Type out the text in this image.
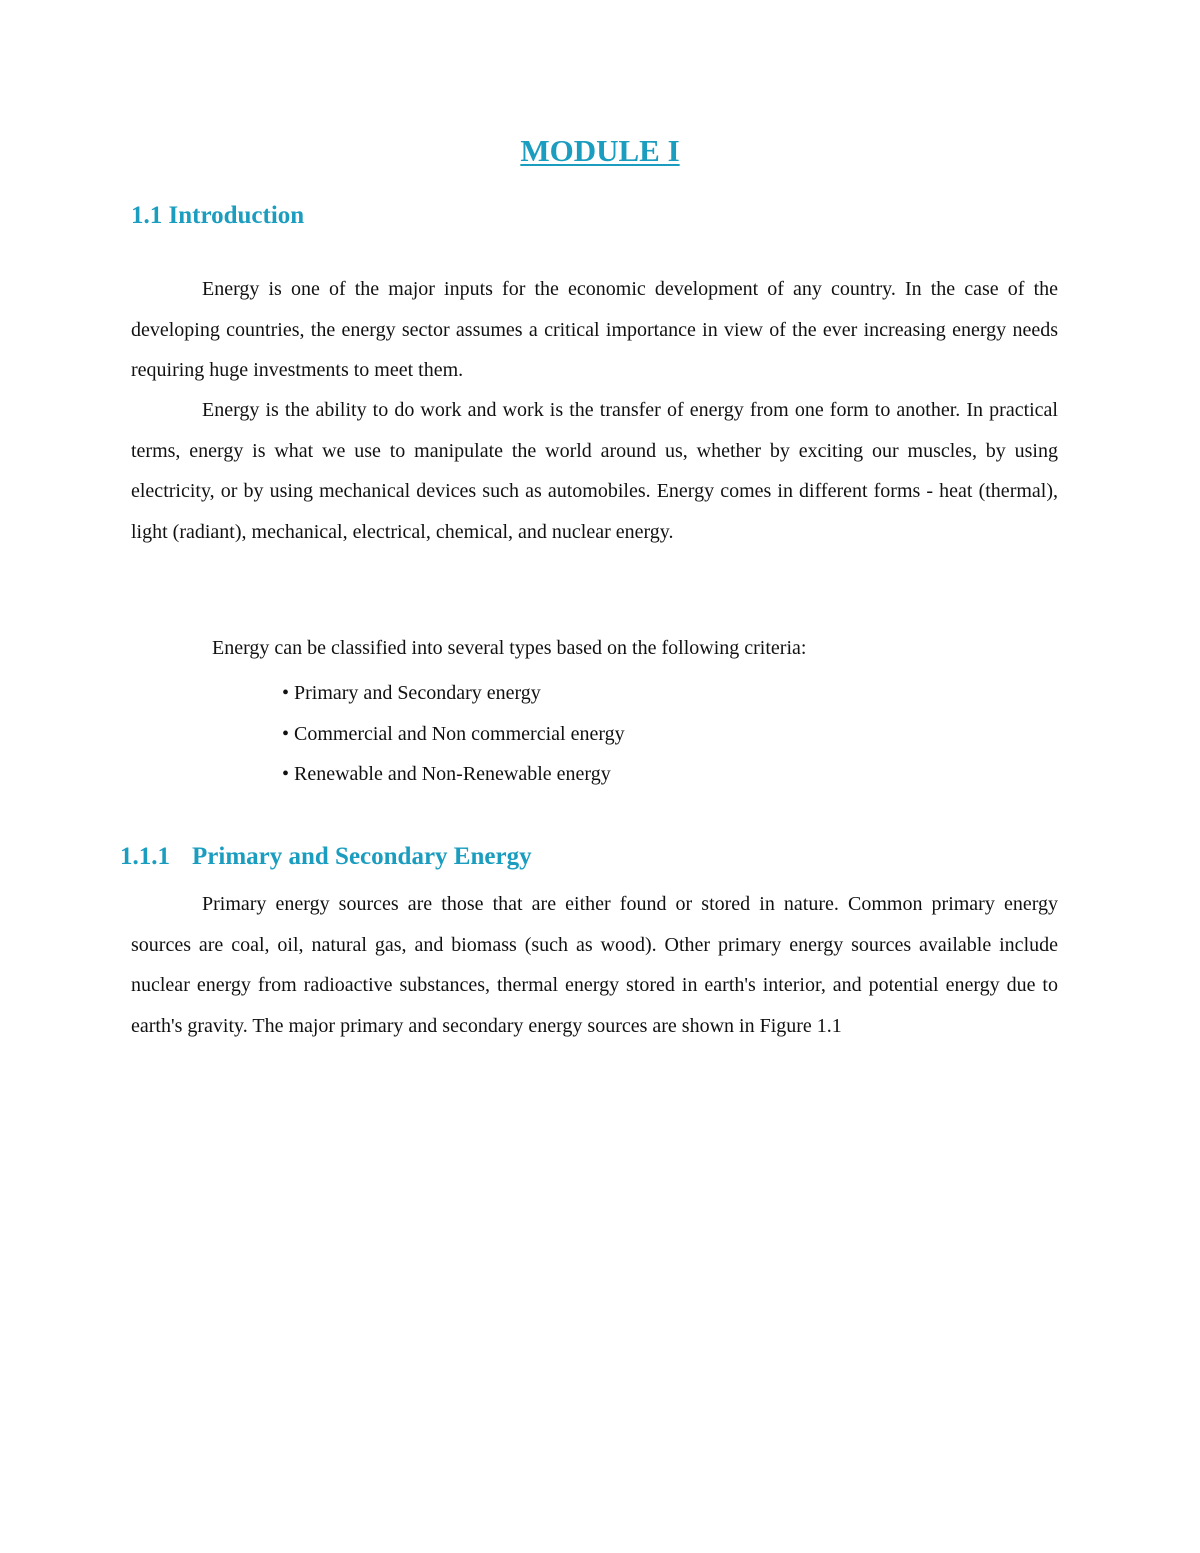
MODULE I
1.1 Introduction

Energy is one of the major inputs for the economic development of any country. In the case of the developing countries, the energy sector assumes a critical importance in view of the ever increasing energy needs requiring huge investments to meet them.

Energy is the ability to do work and work is the transfer of energy from one form to another. In practical terms, energy is what we use to manipulate the world around us, whether by exciting our muscles, by using electricity, or by using mechanical devices such as automobiles. Energy comes in different forms - heat (thermal), light (radiant), mechanical, electrical, chemical, and nuclear energy.

Energy can be classified into several types based on the following criteria:

• Primary and Secondary energy
• Commercial and Non commercial energy
• Renewable and Non-Renewable energy
1.1.1 Primary and Secondary Energy

Primary energy sources are those that are either found or stored in nature. Common primary energy sources are coal, oil, natural gas, and biomass (such as wood). Other primary energy sources available include nuclear energy from radioactive substances, thermal energy stored in earth's interior, and potential energy due to earth's gravity. The major primary and secondary energy sources are shown in Figure 1.1
